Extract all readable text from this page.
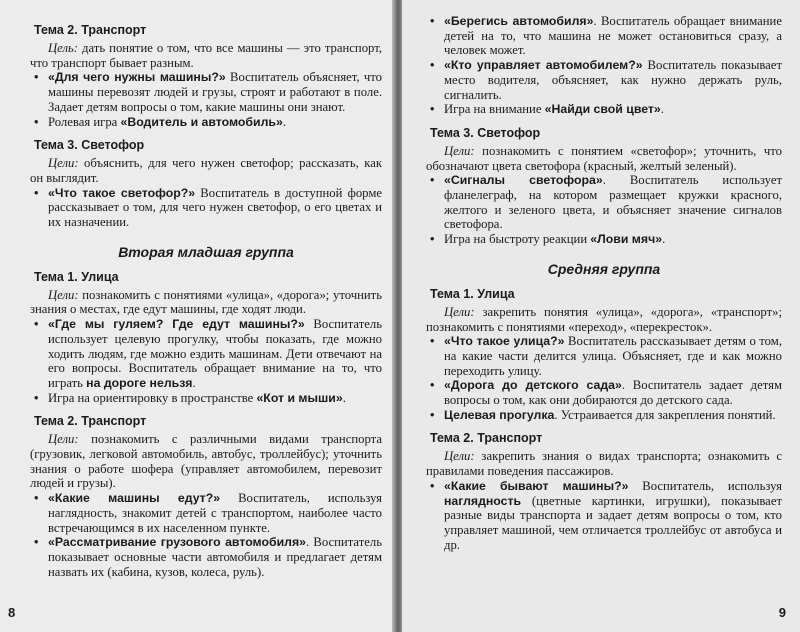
Тема 2. Транспорт

Цель: дать понятие о том, что все машины — это транспорт, что транспорт бывает разным.

• «Для чего нужны машины?» Воспитатель объясняет, что машины перевозят людей и грузы, строят и работают в поле. Задает детям вопросы о том, какие машины они знают.
• Ролевая игра «Водитель и автомобиль».
Тема 3. Светофор

Цели: объяснить, для чего нужен светофор; рассказать, как он выглядит.

• «Что такое светофор?» Воспитатель в доступной форме рассказывает о том, для чего нужен светофор, о его цветах и их назначении.
Вторая младшая группа
Тема 1. Улица

Цели: познакомить с понятиями «улица», «дорога»; уточнить знания о местах, где едут машины, где ходят люди.

• «Где мы гуляем? Где едут машины?» Воспитатель использует целевую прогулку, чтобы показать, где можно ходить людям, где можно ездить машинам. Дети отвечают на его вопросы. Воспитатель обращает внимание на то, что играть на дороге нельзя.
• Игра на ориентировку в пространстве «Кот и мыши».
Тема 2. Транспорт

Цели: познакомить с различными видами транспорта (грузовик, легковой автомобиль, автобус, троллейбус); уточнить знания о работе шофера (управляет автомобилем, перевозит людей и грузы).

• «Какие машины едут?» Воспитатель, используя наглядность, знакомит детей с транспортом, наиболее часто встречающимся в их населенном пункте.
• «Рассматривание грузового автомобиля». Воспитатель показывает основные части автомобиля и предлагает детям назвать их (кабина, кузов, колеса, руль).
8
• «Берегись автомобиля». Воспитатель обращает внимание детей на то, что машина не может остановиться сразу, а человек может.
• «Кто управляет автомобилем?» Воспитатель показывает место водителя, объясняет, как нужно держать руль, сигналить.
• Игра на внимание «Найди свой цвет».
Тема 3. Светофор

Цели: познакомить с понятием «светофор»; уточнить, что обозначают цвета светофора (красный, желтый зеленый).

• «Сигналы светофора». Воспитатель использует фланелеграф, на котором размещает кружки красного, желтого и зеленого цвета, и объясняет значение сигналов светофора.
• Игра на быстроту реакции «Лови мяч».
Средняя группа
Тема 1. Улица

Цели: закрепить понятия «улица», «дорога», «транспорт»; познакомить с понятиями «переход», «перекресток».

• «Что такое улица?» Воспитатель рассказывает детям о том, на какие части делится улица. Объясняет, где и как можно переходить улицу.
• «Дорога до детского сада». Воспитатель задает детям вопросы о том, как они добираются до детского сада.
• Целевая прогулка. Устраивается для закрепления понятий.
Тема 2. Транспорт

Цели: закрепить знания о видах транспорта; ознакомить с правилами поведения пассажиров.

• «Какие бывают машины?» Воспитатель, используя наглядность (цветные картинки, игрушки), показывает разные виды транспорта и задает детям вопросы о том, кто управляет машиной, чем отличается троллейбус от автобуса и др.
9
